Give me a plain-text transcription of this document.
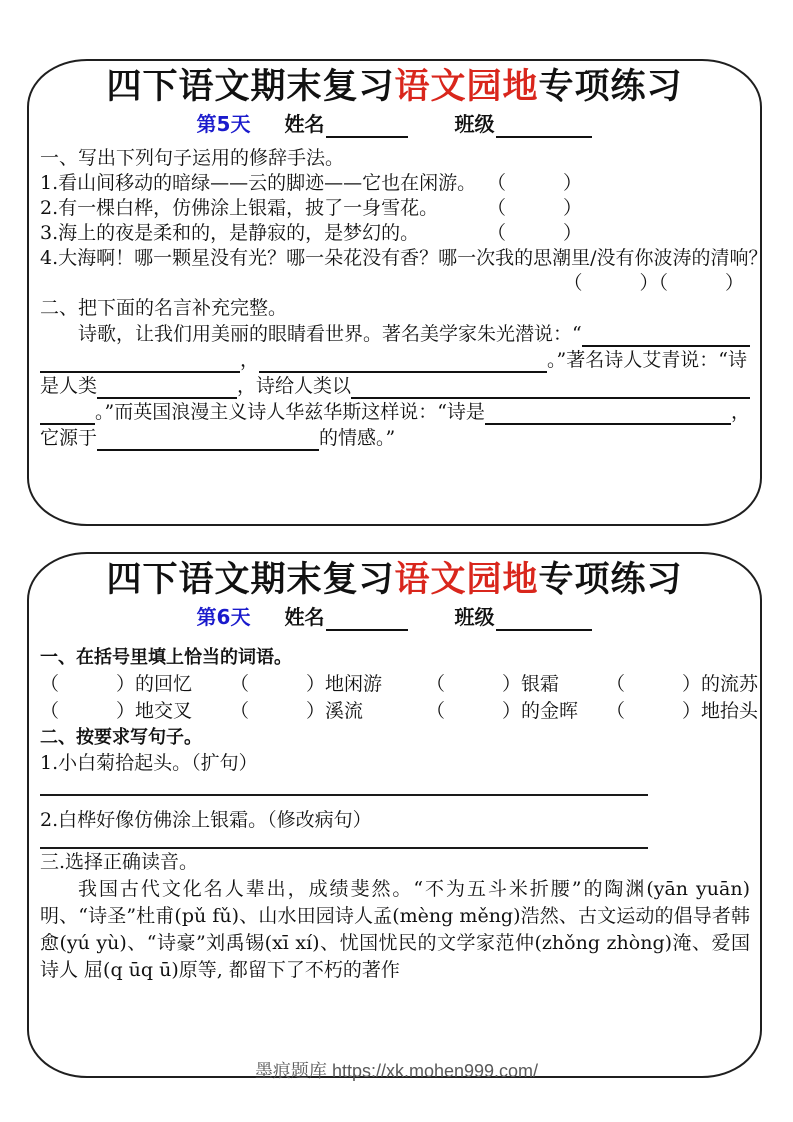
四下语文期末复习语文园地专项练习
第5天 姓名	班级
一、写出下列句子运用的修辞手法。
1.看山间移动的暗绿——云的脚迹——它也在闲游。 （　　　）
2.有一棵白桦，仿佛涂上银霜，披了一身雪花。	（　　　）
3.海上的夜是柔和的，是静寂的，是梦幻的。	（　　　）
4.大海啊！哪一颗星没有光？哪一朵花没有香？哪一次我的思潮里/没有你波涛的清响？
（　　　）（　　　）
二、把下面的名言补充完整。
诗歌，让我们用美丽的眼睛看世界。著名美学家朱光潜说：“
，	。”著名诗人艾青说：“诗
是人类	，诗给人类以
。”而英国浪漫主义诗人华兹华斯这样说：“诗是	，
它源于	的情感。”
四下语文期末复习语文园地专项练习
第6天 姓名	班级
一、在括号里填上恰当的词语。
（　　　）的回忆	（　　　）地闲游	（　　　）银霜	（　　　）的流苏
（　　　）地交叉	（　　　）溪流	（　　　）的金晖	（　　　）地抬头
二、按要求写句子。
1.小白菊拾起头。（扩句）
2.白桦好像仿佛涂上银霜。（修改病句）
三.选择正确读音。
我国古代文化名人辈出，成绩斐然。“不为五斗米折腰”的陶渊(yān yuān)明、“诗圣”杜甫(pǔ fǔ)、山水田园诗人孟(mèng měng)浩然、古文运动的倡导者韩愈(yú yù)、“诗豪”刘禹锡(xī xí)、忧国忧民的文学家范仲(zhǒng zhòng)淹、爱国诗人 屈(q ūq ū)原等, 都留下了不朽的著作
墨痕题库 https://xk.mohen999.com/
